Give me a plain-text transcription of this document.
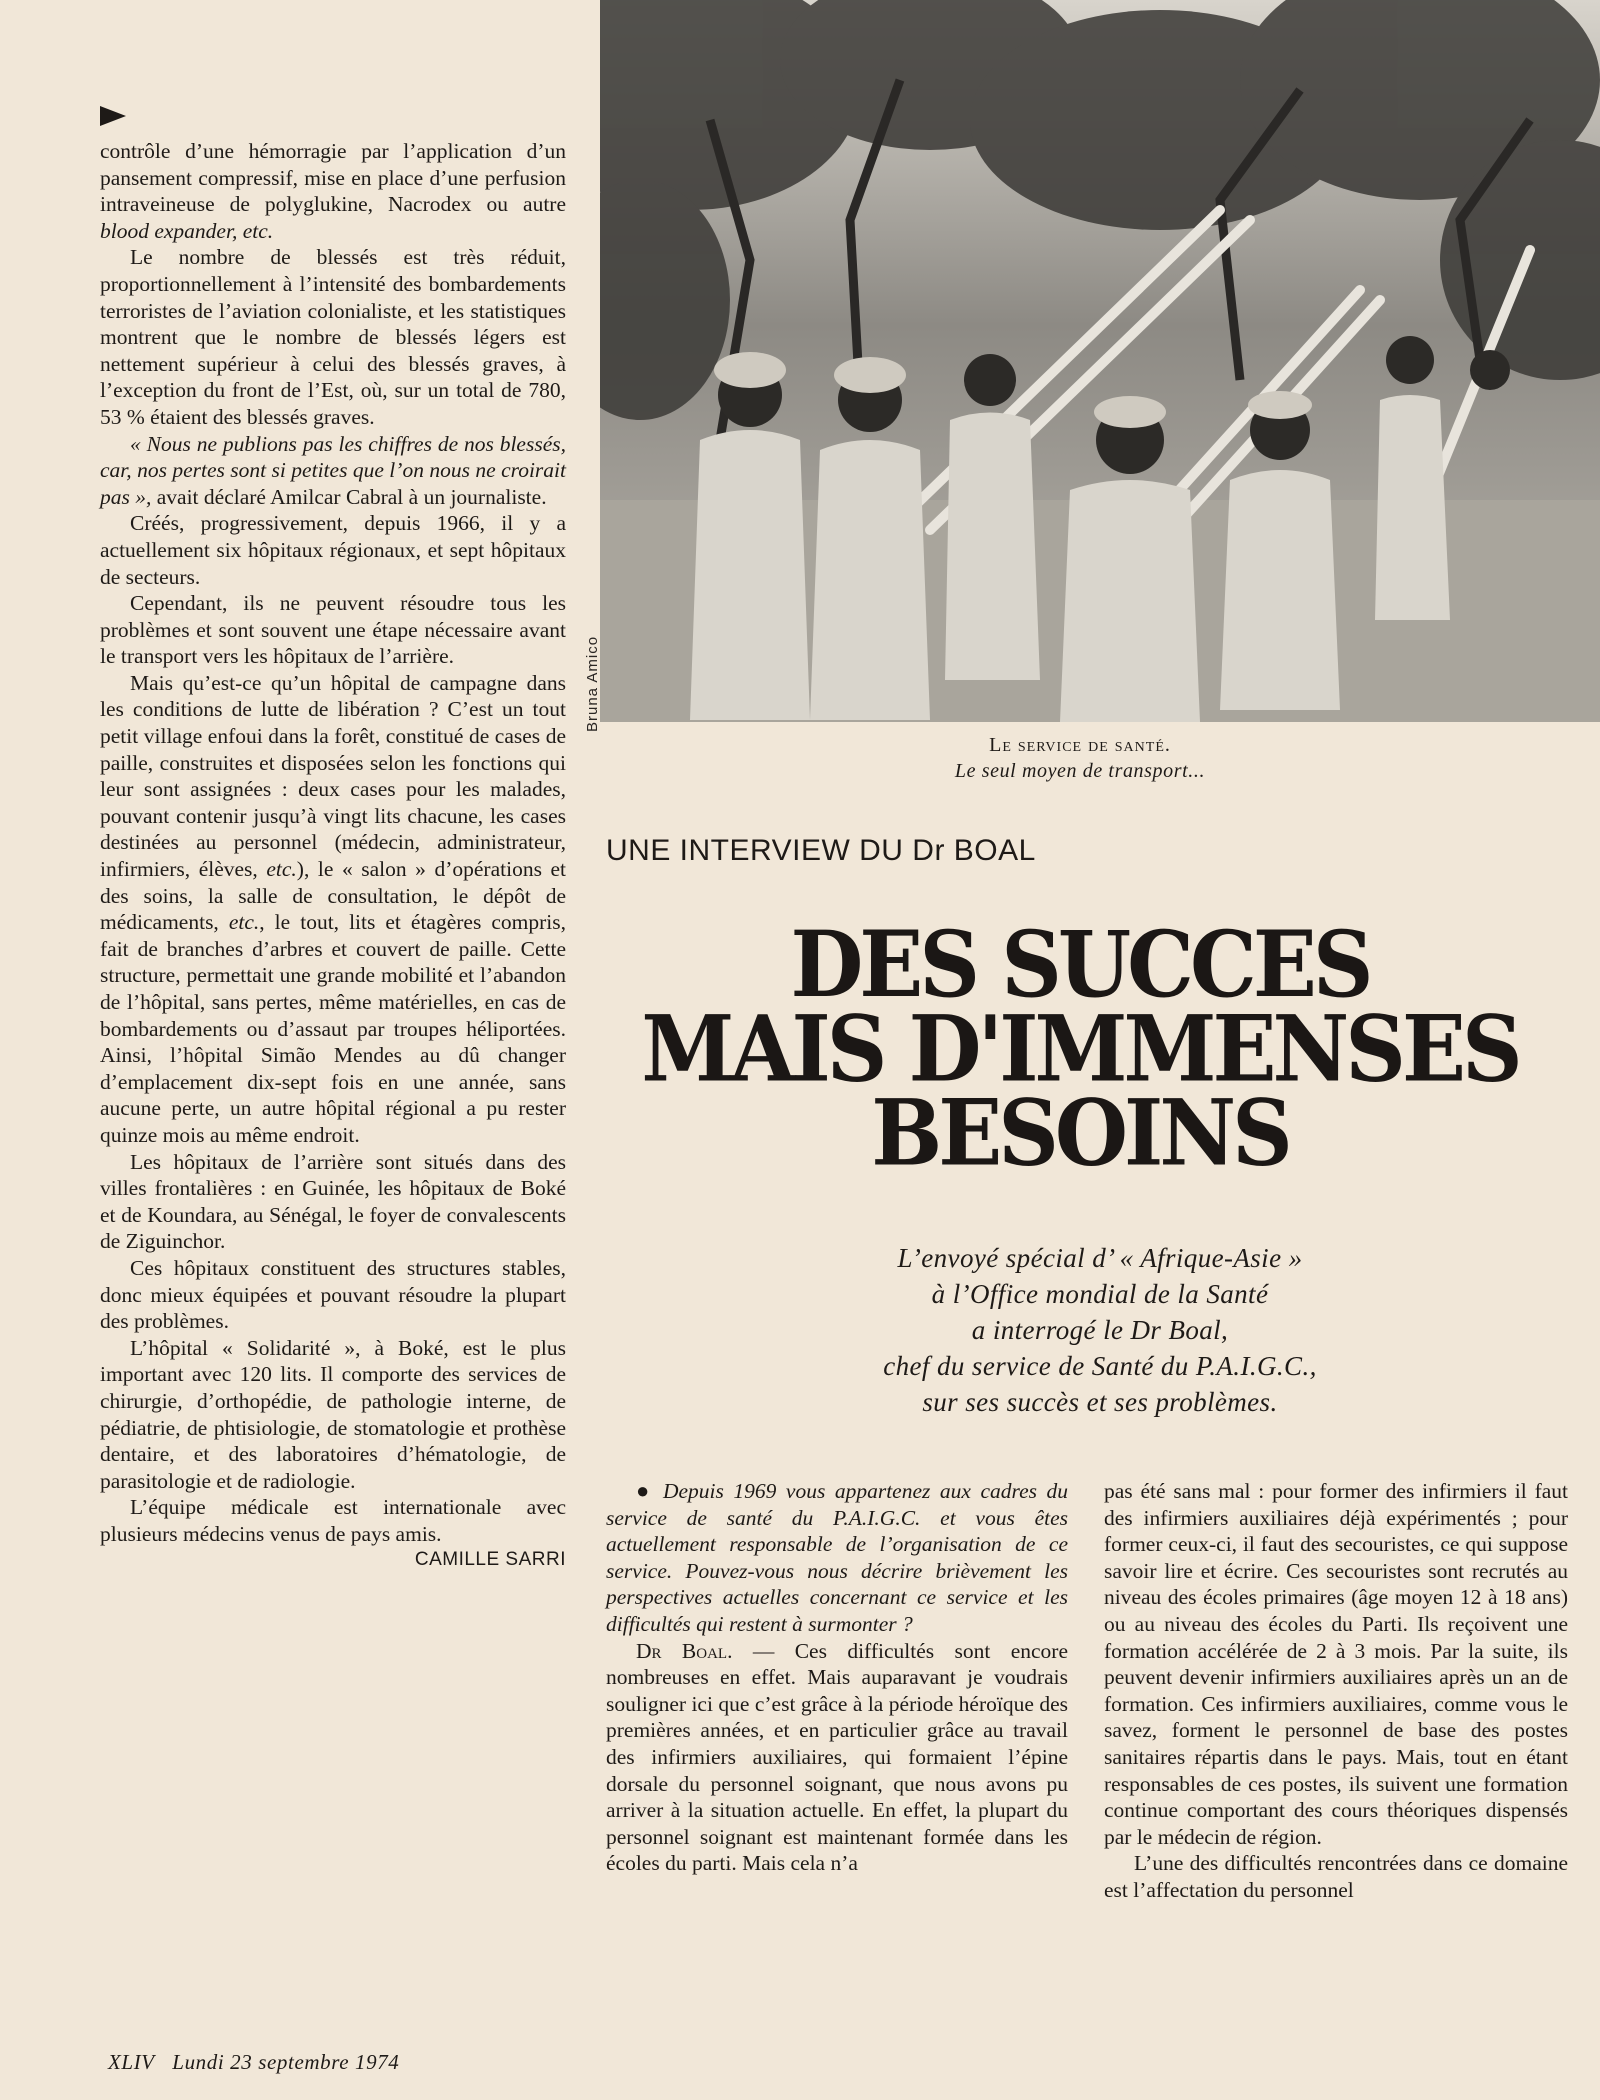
contrôle d’une hémorragie par l’application d’un pansement compressif, mise en place d’une perfusion intraveineuse de polyglukine, Nacrodex ou autre blood expander, etc.

Le nombre de blessés est très réduit, proportionnellement à l’intensité des bombardements terroristes de l’aviation colonialiste, et les statistiques montrent que le nombre de blessés légers est nettement supérieur à celui des blessés graves, à l’exception du front de l’Est, où, sur un total de 780, 53 % étaient des blessés graves.

« Nous ne publions pas les chiffres de nos blessés, car, nos pertes sont si petites que l’on nous ne croirait pas », avait déclaré Amilcar Cabral à un journaliste.

Créés, progressivement, depuis 1966, il y a actuellement six hôpitaux régionaux, et sept hôpitaux de secteurs.

Cependant, ils ne peuvent résoudre tous les problèmes et sont souvent une étape nécessaire avant le transport vers les hôpitaux de l’arrière.

Mais qu’est-ce qu’un hôpital de campagne dans les conditions de lutte de libération ? C’est un tout petit village enfoui dans la forêt, constitué de cases de paille, construites et disposées selon les fonctions qui leur sont assignées : deux cases pour les malades, pouvant contenir jusqu’à vingt lits chacune, les cases destinées au personnel (médecin, administrateur, infirmiers, élèves, etc.), le « salon » d’opérations et des soins, la salle de consultation, le dépôt de médicaments, etc., le tout, lits et étagères compris, fait de branches d’arbres et couvert de paille. Cette structure, permettait une grande mobilité et l’abandon de l’hôpital, sans pertes, même matérielles, en cas de bombardements ou d’assaut par troupes héliportées. Ainsi, l’hôpital Simão Mendes au dû changer d’emplacement dix-sept fois en une année, sans aucune perte, un autre hôpital régional a pu rester quinze mois au même endroit.

Les hôpitaux de l’arrière sont situés dans des villes frontalières : en Guinée, les hôpitaux de Boké et de Koundara, au Sénégal, le foyer de convalescents de Ziguinchor.

Ces hôpitaux constituent des structures stables, donc mieux équipées et pouvant résoudre la plupart des problèmes.

L’hôpital « Solidarité », à Boké, est le plus important avec 120 lits. Il comporte des services de chirurgie, d’orthopédie, de pathologie interne, de pédiatrie, de phtisiologie, de stomatologie et prothèse dentaire, et des laboratoires d’hématologie, de parasitologie et de radiologie.

L’équipe médicale est internationale avec plusieurs médecins venus de pays amis.
CAMILLE SARRI

Bruna Amico
Le service de santé.
Le seul moyen de transport...
UNE INTERVIEW DU Dr BOAL
DES SUCCES
MAIS D'IMMENSES
BESOINS
L’envoyé spécial d’ « Afrique-Asie »
à l’Office mondial de la Santé
a interrogé le Dr Boal,
chef du service de Santé du P.A.I.G.C.,
sur ses succès et ses problèmes.

● Depuis 1969 vous appartenez aux cadres du service de santé du P.A.I.G.C. et vous êtes actuellement responsable de l’organisation de ce service. Pouvez-vous nous décrire brièvement les perspectives actuelles concernant ce service et les difficultés qui restent à surmonter ?

Dr Boal. — Ces difficultés sont encore nombreuses en effet. Mais auparavant je voudrais souligner ici que c’est grâce à la période héroïque des premières années, et en particulier grâce au travail des infirmiers auxiliaires, qui formaient l’épine dorsale du personnel soignant, que nous avons pu arriver à la situation actuelle. En effet, la plupart du personnel soignant est maintenant formée dans les écoles du parti. Mais cela n’a

pas été sans mal : pour former des infirmiers il faut des infirmiers auxiliaires déjà expérimentés ; pour former ceux-ci, il faut des secouristes, ce qui suppose savoir lire et écrire. Ces secouristes sont recrutés au niveau des écoles primaires (âge moyen 12 à 18 ans) ou au niveau des écoles du Parti. Ils reçoivent une formation accélérée de 2 à 3 mois. Par la suite, ils peuvent devenir infirmiers auxiliaires après un an de formation. Ces infirmiers auxiliaires, comme vous le savez, forment le personnel de base des postes sanitaires répartis dans le pays. Mais, tout en étant responsables de ces postes, ils suivent une formation continue comportant des cours théoriques dispensés par le médecin de région.

L’une des difficultés rencontrées dans ce domaine est l’affectation du personnel

XLIV Lundi 23 septembre 1974
